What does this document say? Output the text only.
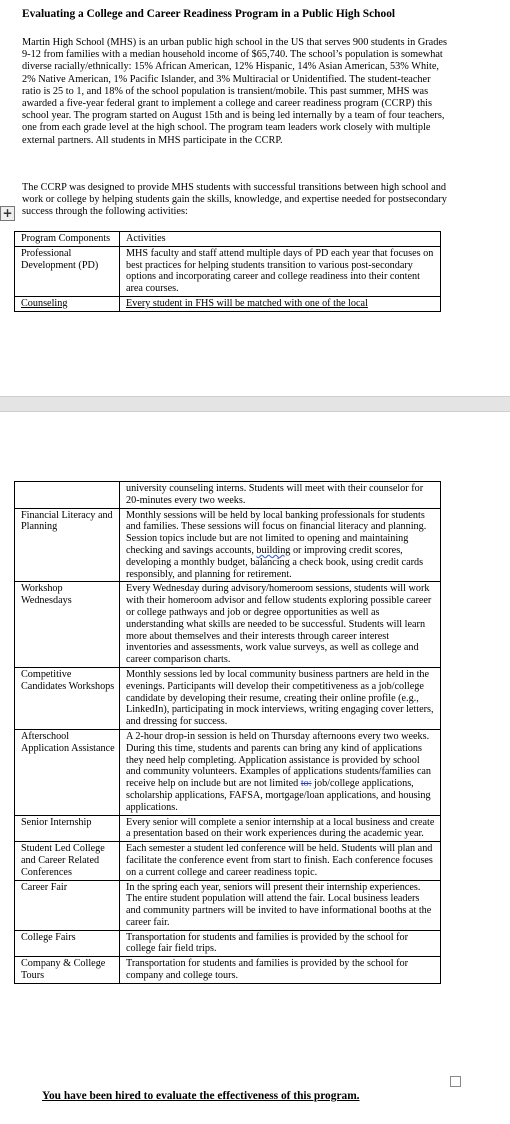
Evaluating a College and Career Readiness Program in a Public High School

Martin High School (MHS) is an urban public high school in the US that serves 900 students in Grades 9-12 from families with a median household income of $65,740. The school’s population is somewhat diverse racially/ethnically: 15% African American, 12% Hispanic, 14% Asian American, 53% White, 2% Native American, 1% Pacific Islander, and 3% Multiracial or Unidentified. The student-teacher ratio is 25 to 1, and 18% of the school population is transient/mobile. This past summer, MHS was awarded a five-year federal grant to implement a college and career readiness program (CCRP) this school year. The program started on August 15th and is being led internally by a team of four teachers, one from each grade level at the high school. The program team leaders work closely with multiple external partners. All students in MHS participate in the CCRP.

The CCRP was designed to provide MHS students with successful transitions between high school and work or college by helping students gain the skills, knowledge, and expertise needed for postsecondary success through the following activities:

+
Program Components	Activities
Professional Development (PD)	MHS faculty and staff attend multiple days of PD each year that focuses on best practices for helping students transition to various post-secondary options and incorporating career and college readiness into their content area courses.
Counseling	Every student in FHS will be matched with one of the local
	university counseling interns. Students will meet with their counselor for 20-minutes every two weeks.
Financial Literacy and Planning	Monthly sessions will be held by local banking professionals for students and families. These sessions will focus on financial literacy and planning. Session topics include but are not limited to opening and maintaining checking and savings accounts, building or improving credit scores, developing a monthly budget, balancing a check book, using credit cards responsibly, and planning for retirement.
Workshop Wednesdays	Every Wednesday during advisory/homeroom sessions, students will work with their homeroom advisor and fellow students exploring possible career or college pathways and job or degree opportunities as well as understanding what skills are needed to be successful. Students will learn more about themselves and their interests through career interest inventories and assessments, work value surveys, as well as college and career comparison charts.
Competitive Candidates Workshops	Monthly sessions led by local community business partners are held in the evenings. Participants will develop their competitiveness as a job/college candidate by developing their resume, creating their online profile (e.g., LinkedIn), participating in mock interviews, writing engaging cover letters, and dressing for success.
Afterschool Application Assistance	A 2-hour drop-in session is held on Thursday afternoons every two weeks. During this time, students and parents can bring any kind of applications they need help completing. Application assistance is provided by school and community volunteers. Examples of applications students/families can receive help on include but are not limited to: job/college applications, scholarship applications, FAFSA, mortgage/loan applications, and housing applications.
Senior Internship	Every senior will complete a senior internship at a local business and create a presentation based on their work experiences during the academic year.
Student Led College and Career Related Conferences	Each semester a student led conference will be held. Students will plan and facilitate the conference event from start to finish. Each conference focuses on a current college and career readiness topic.
Career Fair	In the spring each year, seniors will present their internship experiences. The entire student population will attend the fair. Local business leaders and community partners will be invited to have informational booths at the career fair.
College Fairs	Transportation for students and families is provided by the school for college fair field trips.
Company & College Tours	Transportation for students and families is provided by the school for company and college tours.
You have been hired to evaluate the effectiveness of this program.
